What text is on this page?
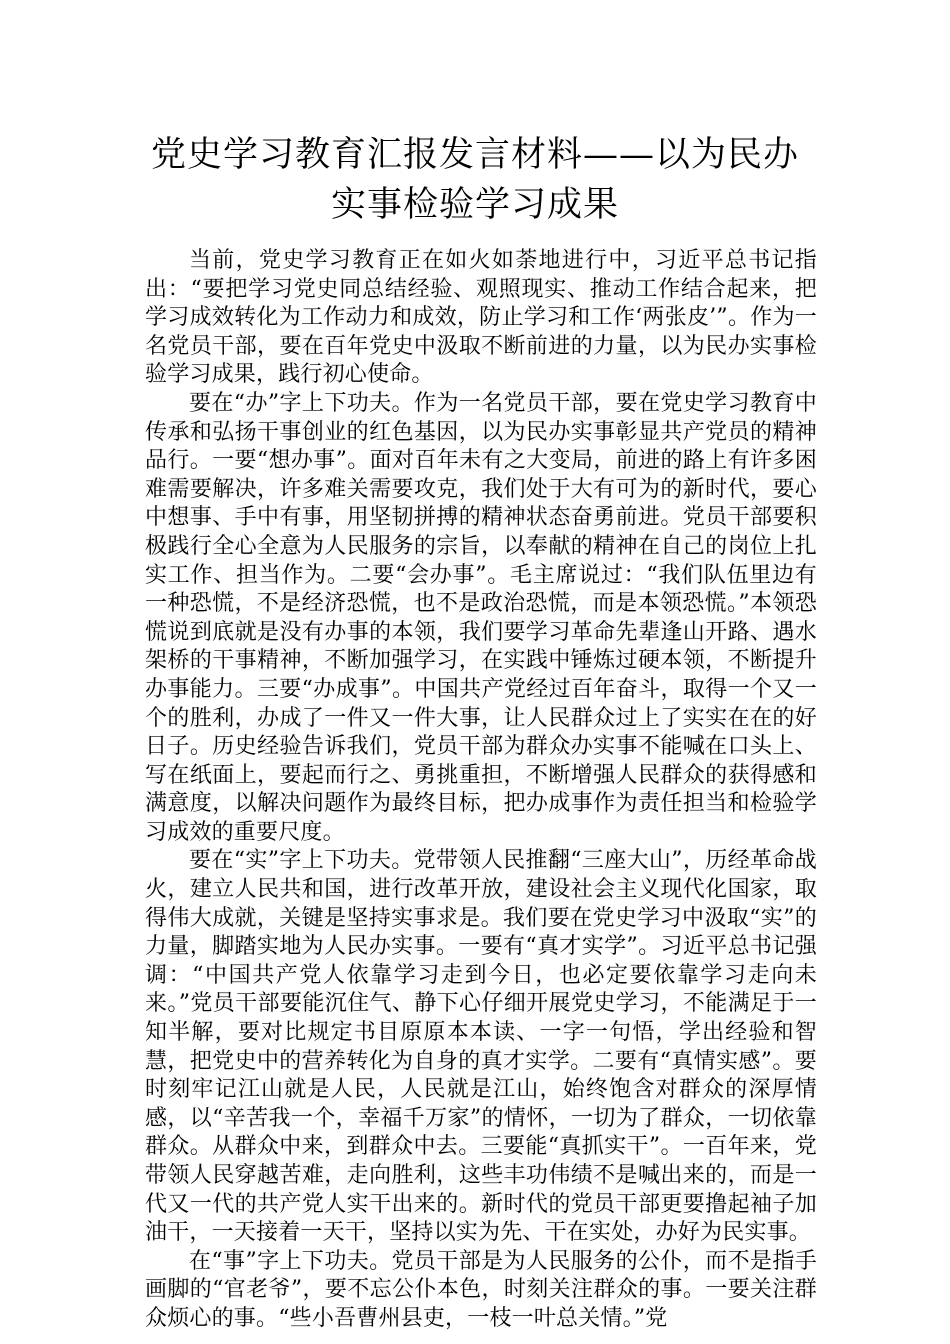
党史学习教育汇报发言材料——以为民办
实事检验学习成果

当前，党史学习教育正在如火如荼地进行中，习近平总书记指出：“要把学习党史同总结经验、观照现实、推动工作结合起来，把学习成效转化为工作动力和成效，防止学习和工作‘两张皮’”。作为一名党员干部，要在百年党史中汲取不断前进的力量，以为民办实事检验学习成果，践行初心使命。

要在“办”字上下功夫。作为一名党员干部，要在党史学习教育中传承和弘扬干事创业的红色基因，以为民办实事彰显共产党员的精神品行。一要“想办事”。面对百年未有之大变局，前进的路上有许多困难需要解决，许多难关需要攻克，我们处于大有可为的新时代，要心中想事、手中有事，用坚韧拼搏的精神状态奋勇前进。党员干部要积极践行全心全意为人民服务的宗旨，以奉献的精神在自己的岗位上扎实工作、担当作为。二要“会办事”。毛主席说过：“我们队伍里边有一种恐慌，不是经济恐慌，也不是政治恐慌，而是本领恐慌。”本领恐慌说到底就是没有办事的本领，我们要学习革命先辈逢山开路、遇水架桥的干事精神，不断加强学习，在实践中锤炼过硬本领，不断提升办事能力。三要“办成事”。中国共产党经过百年奋斗，取得一个又一个的胜利，办成了一件又一件大事，让人民群众过上了实实在在的好日子。历史经验告诉我们，党员干部为群众办实事不能喊在口头上、写在纸面上，要起而行之、勇挑重担，不断增强人民群众的获得感和满意度，以解决问题作为最终目标，把办成事作为责任担当和检验学习成效的重要尺度。

要在“实”字上下功夫。党带领人民推翻“三座大山”，历经革命战火，建立人民共和国，进行改革开放，建设社会主义现代化国家，取得伟大成就，关键是坚持实事求是。我们要在党史学习中汲取“实”的力量，脚踏实地为人民办实事。一要有“真才实学”。习近平总书记强调：“中国共产党人依靠学习走到今日，也必定要依靠学习走向未来。”党员干部要能沉住气、静下心仔细开展党史学习，不能满足于一知半解，要对比规定书目原原本本读、一字一句悟，学出经验和智慧，把党史中的营养转化为自身的真才实学。二要有“真情实感”。要时刻牢记江山就是人民，人民就是江山，始终饱含对群众的深厚情感，以“辛苦我一个，幸福千万家”的情怀，一切为了群众，一切依靠群众。从群众中来，到群众中去。三要能“真抓实干”。一百年来，党带领人民穿越苦难，走向胜利，这些丰功伟绩不是喊出来的，而是一代又一代的共产党人实干出来的。新时代的党员干部更要撸起袖子加油干，一天接着一天干，坚持以实为先、干在实处，办好为民实事。

在“事”字上下功夫。党员干部是为人民服务的公仆，而不是指手画脚的“官老爷”，要不忘公仆本色，时刻关注群众的事。一要关注群众烦心的事。“些小吾曹州县吏，一枝一叶总关情。”党
